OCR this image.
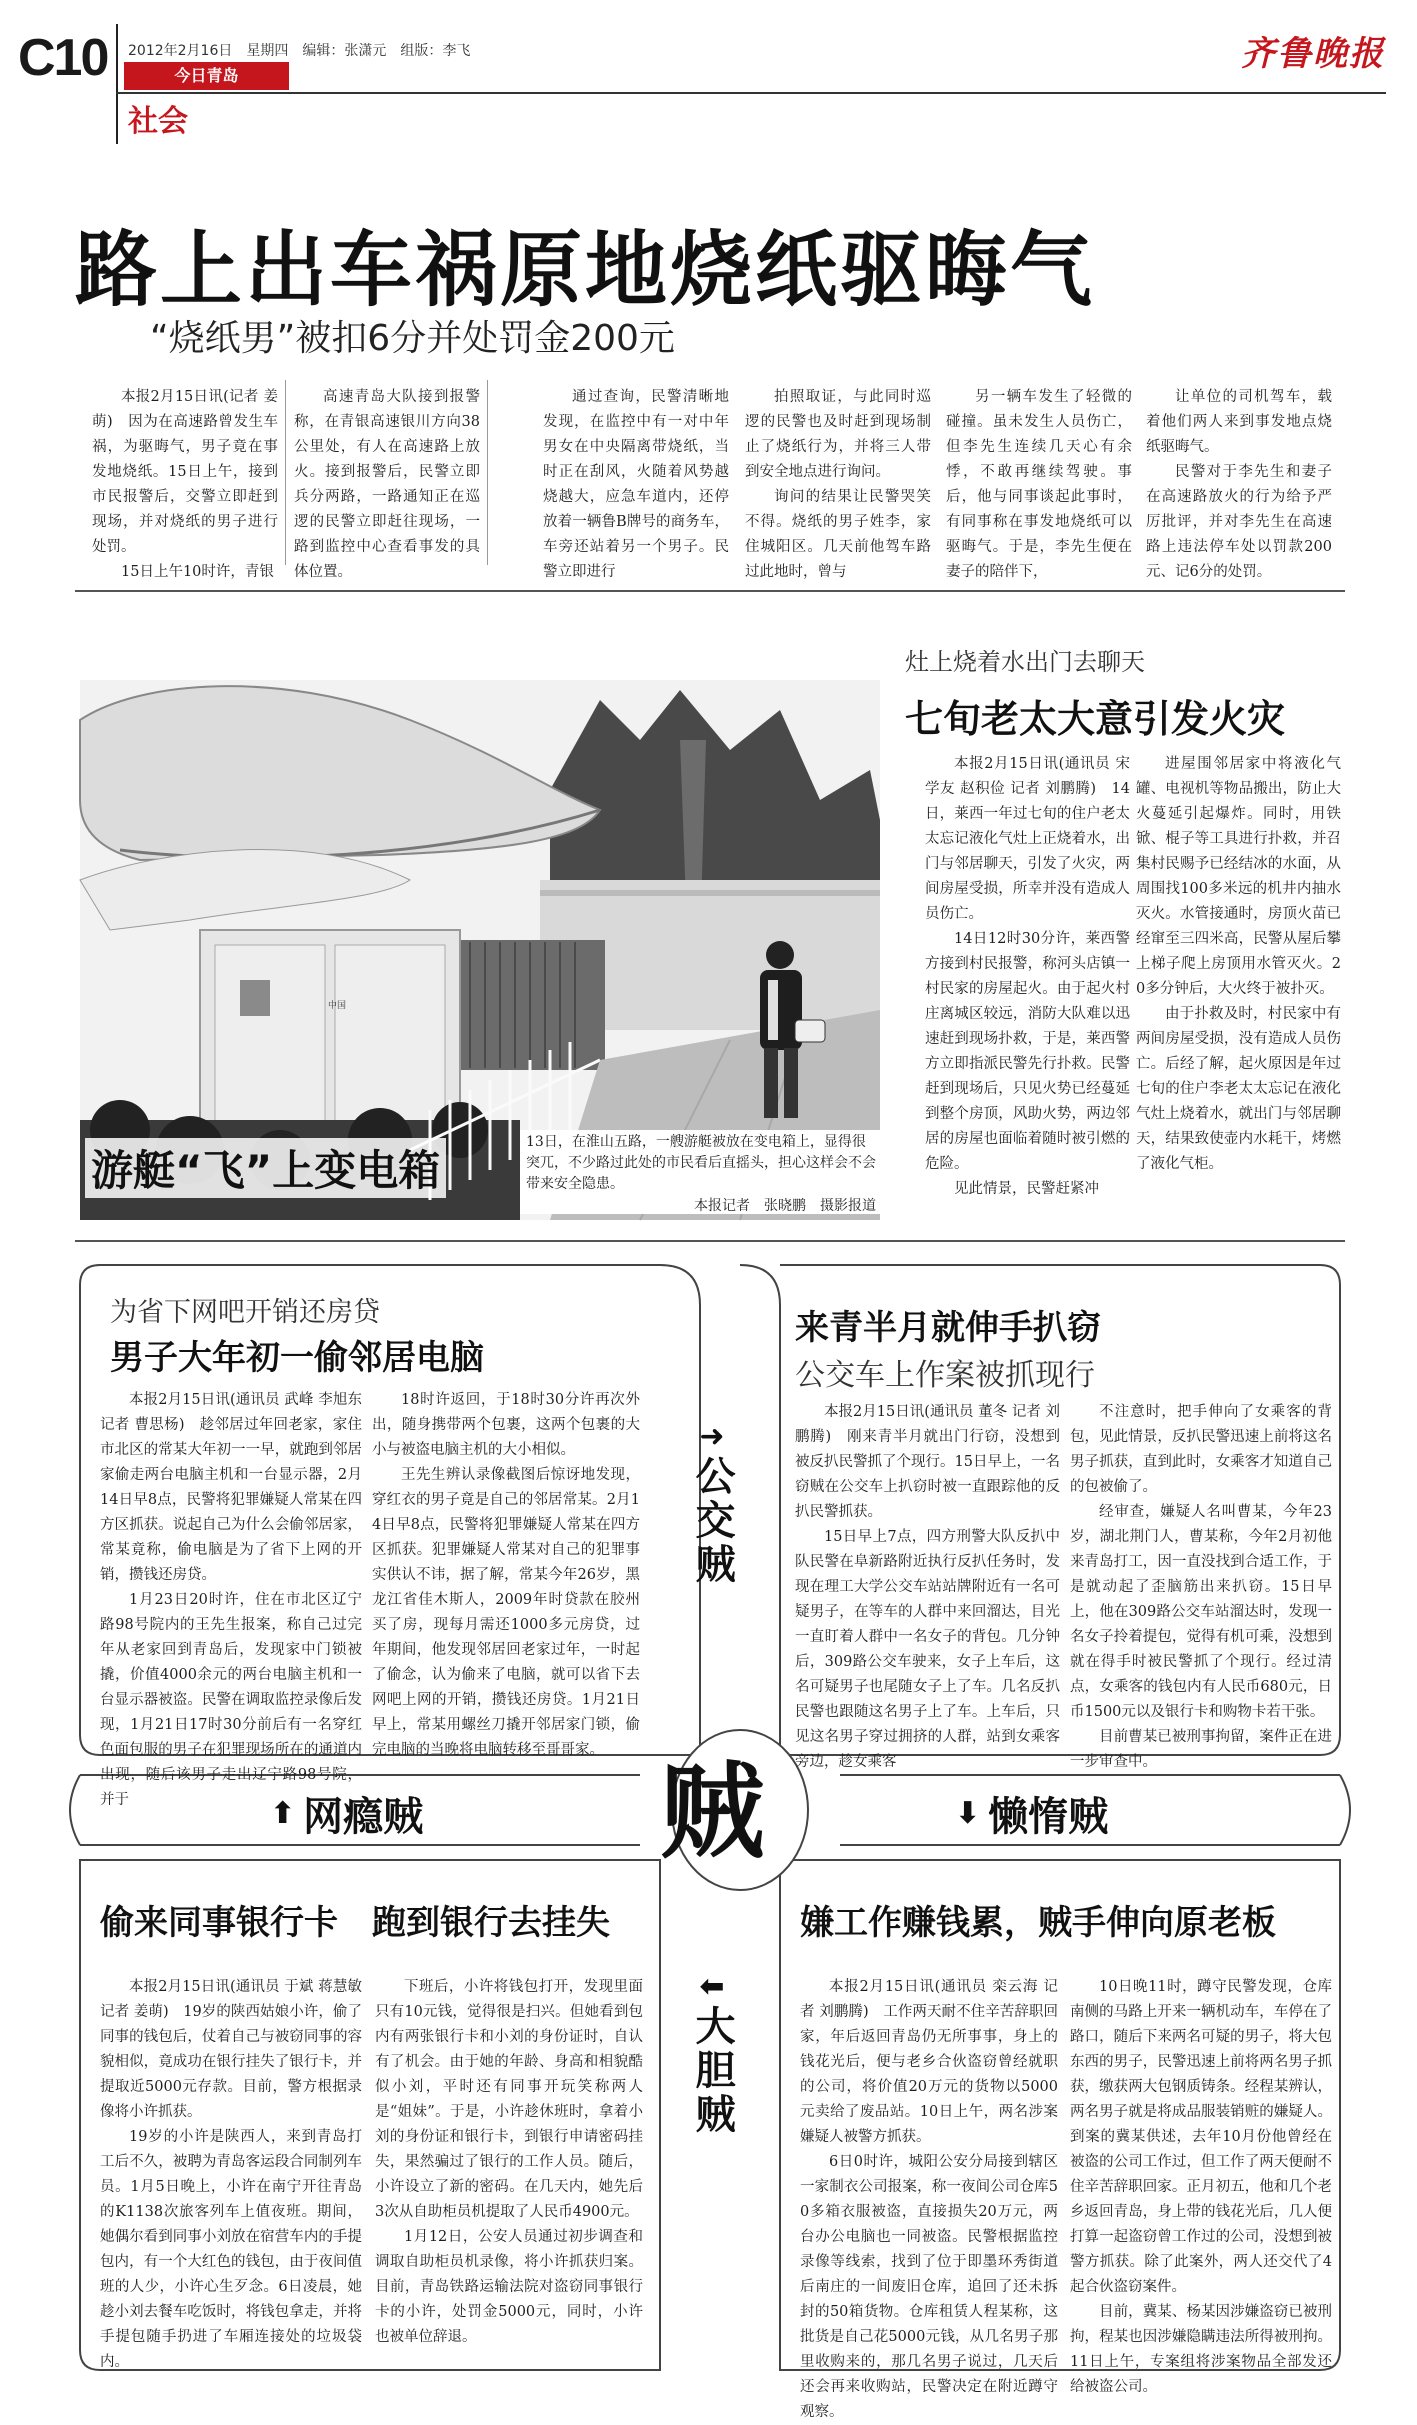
C10 2012年2月16日　星期四　编辑：张潇元　组版：李飞
今日青岛
社会
齐鲁晚报
路上出车祸原地烧纸驱晦气
“烧纸男”被扣6分并处罚金200元

本报2月15日讯(记者 姜萌)　因为在高速路曾发生车祸，为驱晦气，男子竟在事发地烧纸。15日上午，接到市民报警后，交警立即赶到现场，并对烧纸的男子进行处罚。

15日上午10时许，青银

高速青岛大队接到报警称，在青银高速银川方向38公里处，有人在高速路上放火。接到报警后，民警立即兵分两路，一路通知正在巡逻的民警立即赶往现场，一路到监控中心查看事发的具体位置。

通过查询，民警清晰地发现，在监控中有一对中年男女在中央隔离带烧纸，当时正在刮风，火随着风势越烧越大，应急车道内，还停放着一辆鲁B牌号的商务车，车旁还站着另一个男子。民警立即进行

拍照取证，与此同时巡逻的民警也及时赶到现场制止了烧纸行为，并将三人带到安全地点进行询问。

询问的结果让民警哭笑不得。烧纸的男子姓李，家住城阳区。几天前他驾车路过此地时，曾与

另一辆车发生了轻微的碰撞。虽未发生人员伤亡，但李先生连续几天心有余悸，不敢再继续驾驶。事后，他与同事谈起此事时，有同事称在事发地烧纸可以驱晦气。于是，李先生便在妻子的陪伴下，

让单位的司机驾车，载着他们两人来到事发地点烧纸驱晦气。

民警对于李先生和妻子在高速路放火的行为给予严厉批评，并对李先生在高速路上违法停车处以罚款200元、记6分的处罚。

中国
游艇“飞”上变电箱
13日，在淮山五路，一艘游艇被放在变电箱上，显得很突兀，不少路过此处的市民看后直摇头，担心这样会不会带来安全隐患。
本报记者　张晓鹏　摄影报道
灶上烧着水出门去聊天
七旬老太大意引发火灾

本报2月15日讯(通讯员 宋学友 赵积俭 记者 刘鹏腾)　14日，莱西一年过七旬的住户老太太忘记液化气灶上正烧着水，出门与邻居聊天，引发了火灾，两间房屋受损，所幸并没有造成人员伤亡。

14日12时30分许，莱西警方接到村民报警，称河头店镇一村民家的房屋起火。由于起火村庄离城区较远，消防大队难以迅速赶到现场扑救，于是，莱西警方立即指派民警先行扑救。民警赶到现场后，只见火势已经蔓延到整个房顶，风助火势，两边邻居的房屋也面临着随时被引燃的危险。

见此情景，民警赶紧冲

进屋围邻居家中将液化气罐、电视机等物品搬出，防止大火蔓延引起爆炸。同时，用铁锨、棍子等工具进行扑救，并召集村民赐予已经结冰的水面，从周围找100多米远的机井内抽水灭火。水管接通时，房顶火苗已经窜至三四米高，民警从屋后攀上梯子爬上房顶用水管灭火。20多分钟后，大火终于被扑灭。

由于扑救及时，村民家中有两间房屋受损，没有造成人员伤亡。后经了解，起火原因是年过七旬的住户李老太太忘记在液化气灶上烧着水，就出门与邻居聊天，结果致使壶内水耗干，烤燃了液化气柜。

贼
➜
公交贼
⬆ 网瘾贼	⬇ 懒惰贼
⬅
大胆贼
为省下网吧开销还房贷
男子大年初一偷邻居电脑

本报2月15日讯(通讯员 武峰 李旭东 记者 曹思杨)　趁邻居过年回老家，家住市北区的常某大年初一一早，就跑到邻居家偷走两台电脑主机和一台显示器，2月14日早8点，民警将犯罪嫌疑人常某在四方区抓获。说起自己为什么会偷邻居家，常某竟称，偷电脑是为了省下上网的开销，攒钱还房贷。

1月23日20时许，住在市北区辽宁路98号院内的王先生报案，称自己过完年从老家回到青岛后，发现家中门锁被撬，价值4000余元的两台电脑主机和一台显示器被盗。民警在调取监控录像后发现，1月21日17时30分前后有一名穿红色面包服的男子在犯罪现场所在的通道内出现，随后该男子走出辽宁路98号院，并于

18时许返回，于18时30分许再次外出，随身携带两个包裹，这两个包裹的大小与被盗电脑主机的大小相似。

王先生辨认录像截图后惊讶地发现，穿红衣的男子竟是自己的邻居常某。2月14日早8点，民警将犯罪嫌疑人常某在四方区抓获。犯罪嫌疑人常某对自己的犯罪事实供认不讳，据了解，常某今年26岁，黑龙江省佳木斯人，2009年时贷款在胶州买了房，现每月需还1000多元房贷，过年期间，他发现邻居回老家过年，一时起了偷念，认为偷来了电脑，就可以省下去网吧上网的开销，攒钱还房贷。1月21日早上，常某用螺丝刀撬开邻居家门锁，偷完电脑的当晚将电脑转移至哥哥家。

来青半月就伸手扒窃
公交车上作案被抓现行

本报2月15日讯(通讯员 董冬 记者 刘鹏腾)　刚来青半月就出门行窃，没想到被反扒民警抓了个现行。15日早上，一名窃贼在公交车上扒窃时被一直跟踪他的反扒民警抓获。

15日早上7点，四方刑警大队反扒中队民警在阜新路附近执行反扒任务时，发现在理工大学公交车站站牌附近有一名可疑男子，在等车的人群中来回溜达，目光一直盯着人群中一名女子的背包。几分钟后，309路公交车驶来，女子上车后，这名可疑男子也尾随女子上了车。几名反扒民警也跟随这名男子上了车。上车后，只见这名男子穿过拥挤的人群，站到女乘客旁边，趁女乘客

不注意时，把手伸向了女乘客的背包，见此情景，反扒民警迅速上前将这名男子抓获，直到此时，女乘客才知道自己的包被偷了。

经审查，嫌疑人名叫曹某，今年23岁，湖北荆门人，曹某称，今年2月初他来青岛打工，因一直没找到合适工作，于是就动起了歪脑筋出来扒窃。15日早上，他在309路公交车站溜达时，发现一名女子拎着提包，觉得有机可乘，没想到就在得手时被民警抓了个现行。经过清点，女乘客的钱包内有人民币680元，日币1500元以及银行卡和购物卡若干张。

目前曹某已被刑事拘留，案件正在进一步审查中。

偷来同事银行卡　跑到银行去挂失

本报2月15日讯(通讯员 于斌 蒋慧敏 记者 姜萌)　19岁的陕西姑娘小许，偷了同事的钱包后，仗着自己与被窃同事的容貌相似，竟成功在银行挂失了银行卡，并提取近5000元存款。目前，警方根据录像将小许抓获。

19岁的小许是陕西人，来到青岛打工后不久，被聘为青岛客运段合同制列车员。1月5日晚上，小许在南宁开往青岛的K1138次旅客列车上值夜班。期间，她偶尔看到同事小刘放在宿营车内的手提包内，有一个大红色的钱包，由于夜间值班的人少，小许心生歹念。6日凌晨，她趁小刘去餐车吃饭时，将钱包拿走，并将手提包随手扔进了车厢连接处的垃圾袋内。

下班后，小许将钱包打开，发现里面只有10元钱，觉得很是扫兴。但她看到包内有两张银行卡和小刘的身份证时，自认有了机会。由于她的年龄、身高和相貌酷似小刘，平时还有同事开玩笑称两人是“姐妹”。于是，小许趁休班时，拿着小刘的身份证和银行卡，到银行申请密码挂失，果然骗过了银行的工作人员。随后，小许设立了新的密码。在几天内，她先后3次从自助柜员机提取了人民币4900元。

1月12日，公安人员通过初步调查和调取自助柜员机录像，将小许抓获归案。目前，青岛铁路运输法院对盗窃同事银行卡的小许，处罚金5000元，同时，小许也被单位辞退。

嫌工作赚钱累，贼手伸向原老板

本报2月15日讯(通讯员 栾云海 记者 刘鹏腾)　工作两天耐不住辛苦辞职回家，年后返回青岛仍无所事事，身上的钱花光后，便与老乡合伙盗窃曾经就职的公司，将价值20万元的货物以5000元卖给了废品站。10日上午，两名涉案嫌疑人被警方抓获。

6日0时许，城阳公安分局接到辖区一家制衣公司报案，称一夜间公司仓库50多箱衣服被盗，直接损失20万元，两台办公电脑也一同被盗。民警根据监控录像等线索，找到了位于即墨环秀街道后南庄的一间废旧仓库，追回了还未拆封的50箱货物。仓库租赁人程某称，这批货是自己花5000元钱，从几名男子那里收购来的，那几名男子说过，几天后还会再来收购站，民警决定在附近蹲守观察。

10日晚11时，蹲守民警发现，仓库南侧的马路上开来一辆机动车，车停在了路口，随后下来两名可疑的男子，将大包东西的男子，民警迅速上前将两名男子抓获，缴获两大包钢质铸条。经程某辨认，两名男子就是将成品服装销赃的嫌疑人。到案的冀某供述，去年10月份他曾经在被盗的公司工作过，但工作了两天便耐不住辛苦辞职回家。正月初五，他和几个老乡返回青岛，身上带的钱花光后，几人便打算一起盗窃曾工作过的公司，没想到被警方抓获。除了此案外，两人还交代了4起合伙盗窃案件。

目前，冀某、杨某因涉嫌盗窃已被刑拘，程某也因涉嫌隐瞒违法所得被刑拘。11日上午，专案组将涉案物品全部发还给被盗公司。
